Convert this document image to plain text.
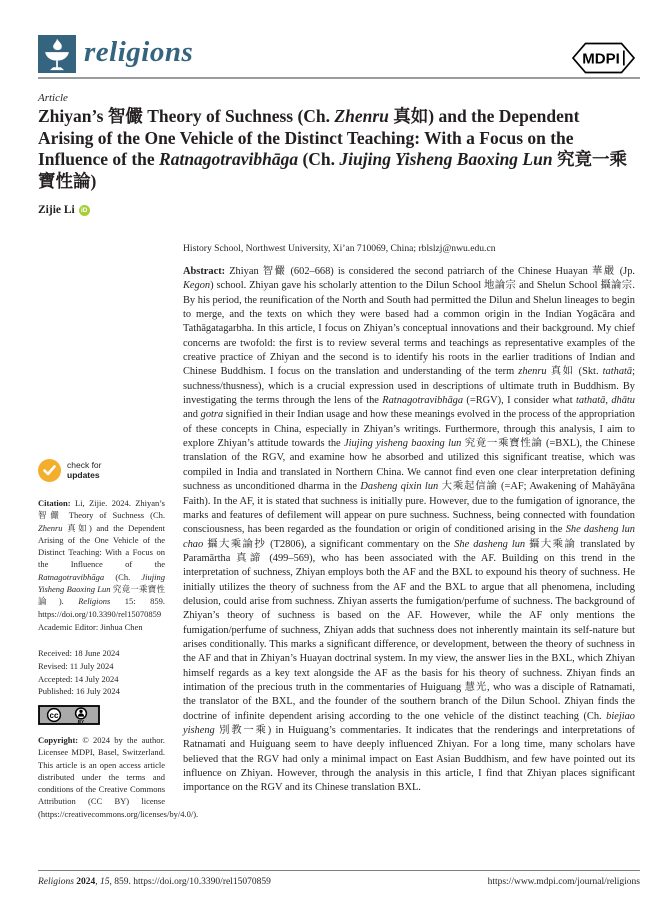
religions	MDPI
Article
Zhiyan’s 智儼 Theory of Suchness (Ch. Zhenru 真如) and the Dependent Arising of the One Vehicle of the Distinct Teaching: With a Focus on the Influence of the Ratnagotravibhāga (Ch. Jiujing Yisheng Baoxing Lun 究竟一乘寶性論)
Zijie Li iD
History School, Northwest University, Xi’an 710069, China; rblslzj@nwu.edu.cn
Abstract: Zhiyan 智儼 (602–668) is considered the second patriarch of the Chinese Huayan 華嚴 (Jp. Kegon) school. Zhiyan gave his scholarly attention to the Dilun School 地論宗 and Shelun School 攝論宗. By his period, the reunification of the North and South had permitted the Dilun and Shelun lineages to begin to merge, and the texts on which they were based had a common origin in the Indian Yogācāra and Tathāgatagarbha. In this article, I focus on Zhiyan’s conceptual innovations and their background. My chief concerns are twofold: the first is to review several terms and teachings as representative examples of the creative practice of Zhiyan and the second is to identify his roots in the earlier traditions of Indian and Chinese Buddhism. I focus on the translation and understanding of the term zhenru 真如 (Skt. tathatā; suchness/thusness), which is a crucial expression used in descriptions of ultimate truth in Buddhism. By investigating the terms through the lens of the Ratnagotravibhāga (=RGV), I consider what tathatā, dhātu and gotra signified in their Indian usage and how these meanings evolved in the process of the appropriation of these concepts in China, especially in Zhiyan’s writings. Furthermore, through this analysis, I aim to explore Zhiyan’s attitude towards the Jiujing yisheng baoxing lun 究竟一乘寶性論 (=BXL), the Chinese translation of the RGV, and examine how he absorbed and utilized this significant treatise, which was compiled in India and translated in Northern China. We cannot find even one clear interpretation defining suchness as unconditioned dharma in the Dasheng qixin lun 大乘起信論 (=AF; Awakening of Mahāyāna Faith). In the AF, it is stated that suchness is initially pure. However, due to the fumigation of ignorance, the marks and features of defilement will appear on pure suchness. Suchness, being connected with foundation consciousness, has been regarded as the foundation or origin of conditioned arising in the She dasheng lun chao 攝大乘論抄 (T2806), a significant commentary on the She dasheng lun 攝大乘論 translated by Paramārtha 真諦 (499–569), who has been associated with the AF. Building on this trend in the interpretation of suchness, Zhiyan employs both the AF and the BXL to expound his theory of suchness. He initially utilizes the theory of suchness from the AF and the BXL to argue that all phenomena, including delusion, could arise from suchness. Zhiyan asserts the fumigation/perfume of suchness. The background of Zhiyan’s theory of suchness is based on the AF. However, while the AF only mentions the fumigation/perfume of suchness, Zhiyan adds that suchness does not inherently maintain its self-nature but arises conditionally. This marks a significant difference, or development, between the theory of suchness in the AF and that in Zhiyan’s Huayan doctrinal system. In my view, the answer lies in the BXL, which Zhiyan himself regards as a key text alongside the AF as the basis for his theory of suchness. Zhiyan finds an intimation of the precious truth in the commentaries of Huiguang 慧光, who was a disciple of Ratnamati, the translator of the BXL, and the founder of the southern branch of the Dilun School. Zhiyan finds the doctrine of infinite dependent arising according to the one vehicle of the distinct teaching (Ch. biejiao yisheng 別教一乘) in Huiguang’s commentaries. It indicates that the renderings and interpretations of Ratnamati and Huiguang seem to have deeply influenced Zhiyan. For a long time, many scholars have believed that the RGV had only a minimal impact on East Asian Buddhism, and few have pointed out its influence on Zhiyan. However, through the analysis in this article, I find that Zhiyan places significant importance on the RGV and its Chinese translation BXL.
check for
updates
Citation: Li, Zijie. 2024. Zhiyan’s 智儼 Theory of Suchness (Ch. Zhenru 真如) and the Dependent Arising of the One Vehicle of the Distinct Teaching: With a Focus on the Influence of the Ratnagotravibhāga (Ch. Jiujing Yisheng Baoxing Lun 究竟一乘寶性論). Religions 15: 859. https://doi.org/10.3390/rel15070859
Academic Editor: Jinhua Chen
Received: 18 June 2024
Revised: 11 July 2024
Accepted: 14 July 2024
Published: 16 July 2024
cc
BY
Copyright: © 2024 by the author. Licensee MDPI, Basel, Switzerland. This article is an open access article distributed under the terms and conditions of the Creative Commons Attribution (CC BY) license (https://creativecommons.org/licenses/by/4.0/).
Religions 2024, 15, 859. https://doi.org/10.3390/rel15070859	https://www.mdpi.com/journal/religions
